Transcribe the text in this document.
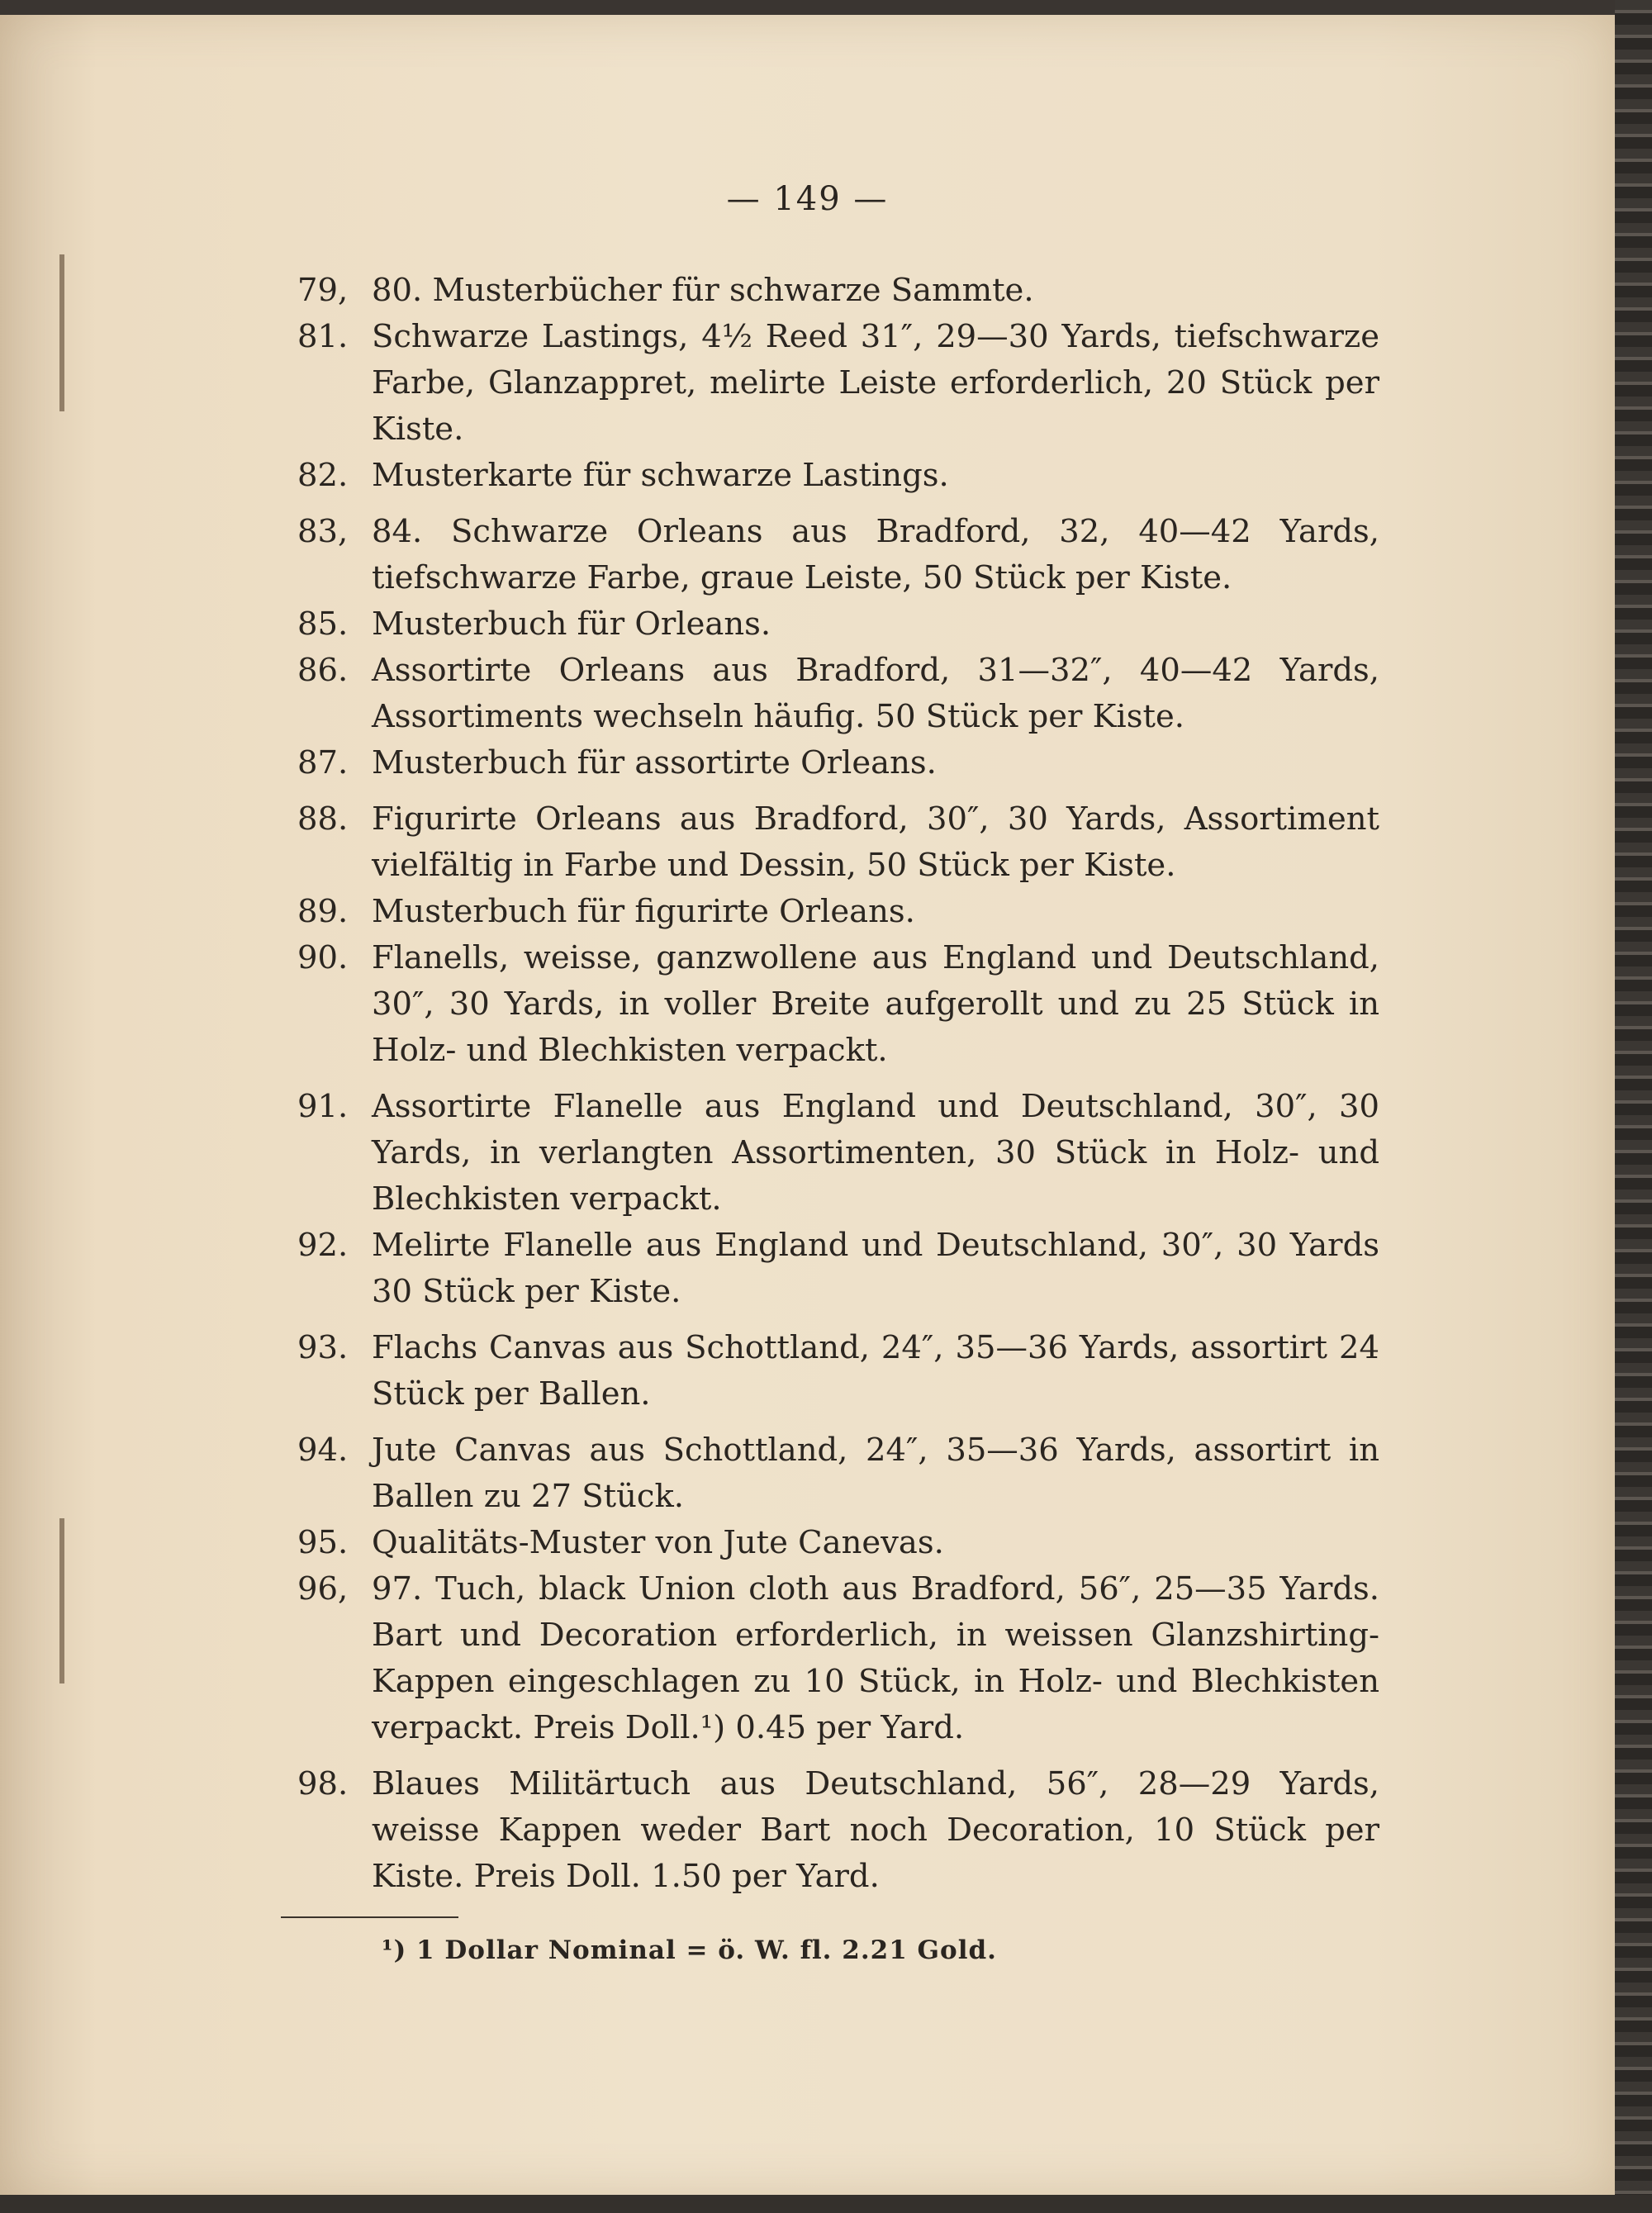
— 149 —
79, 80. Musterbücher für schwarze Sammte.
81. Schwarze Lastings, 4½ Reed 31″, 29—30 Yards, tiefschwarze Farbe, Glanzappret, melirte Leiste erforderlich, 20 Stück per Kiste.
82. Musterkarte für schwarze Lastings.
83, 84. Schwarze Orleans aus Bradford, 32, 40—42 Yards, tiefschwarze Farbe, graue Leiste, 50 Stück per Kiste.
85. Musterbuch für Orleans.
86. Assortirte Orleans aus Bradford, 31—32″, 40—42 Yards, Assortiments wechseln häufig. 50 Stück per Kiste.
87. Musterbuch für assortirte Orleans.
88. Figurirte Orleans aus Bradford, 30″, 30 Yards, Assortiment vielfältig in Farbe und Dessin, 50 Stück per Kiste.
89. Musterbuch für figurirte Orleans.
90. Flanells, weisse, ganzwollene aus England und Deutschland, 30″, 30 Yards, in voller Breite aufgerollt und zu 25 Stück in Holz- und Blechkisten verpackt.
91. Assortirte Flanelle aus England und Deutschland, 30″, 30 Yards, in verlangten Assortimenten, 30 Stück in Holz- und Blechkisten verpackt.
92. Melirte Flanelle aus England und Deutschland, 30″, 30 Yards 30 Stück per Kiste.
93. Flachs Canvas aus Schottland, 24″, 35—36 Yards, assortirt 24 Stück per Ballen.
94. Jute Canvas aus Schottland, 24″, 35—36 Yards, assortirt in Ballen zu 27 Stück.
95. Qualitäts-Muster von Jute Canevas.
96, 97. Tuch, black Union cloth aus Bradford, 56″, 25—35 Yards. Bart und Decoration erforderlich, in weissen Glanzshirting-Kappen eingeschlagen zu 10 Stück, in Holz- und Blechkisten verpackt. Preis Doll.¹) 0.45 per Yard.
98. Blaues Militärtuch aus Deutschland, 56″, 28—29 Yards, weisse Kappen weder Bart noch Decoration, 10 Stück per Kiste. Preis Doll. 1.50 per Yard.
¹) 1 Dollar Nominal = ö. W. fl. 2.21 Gold.
